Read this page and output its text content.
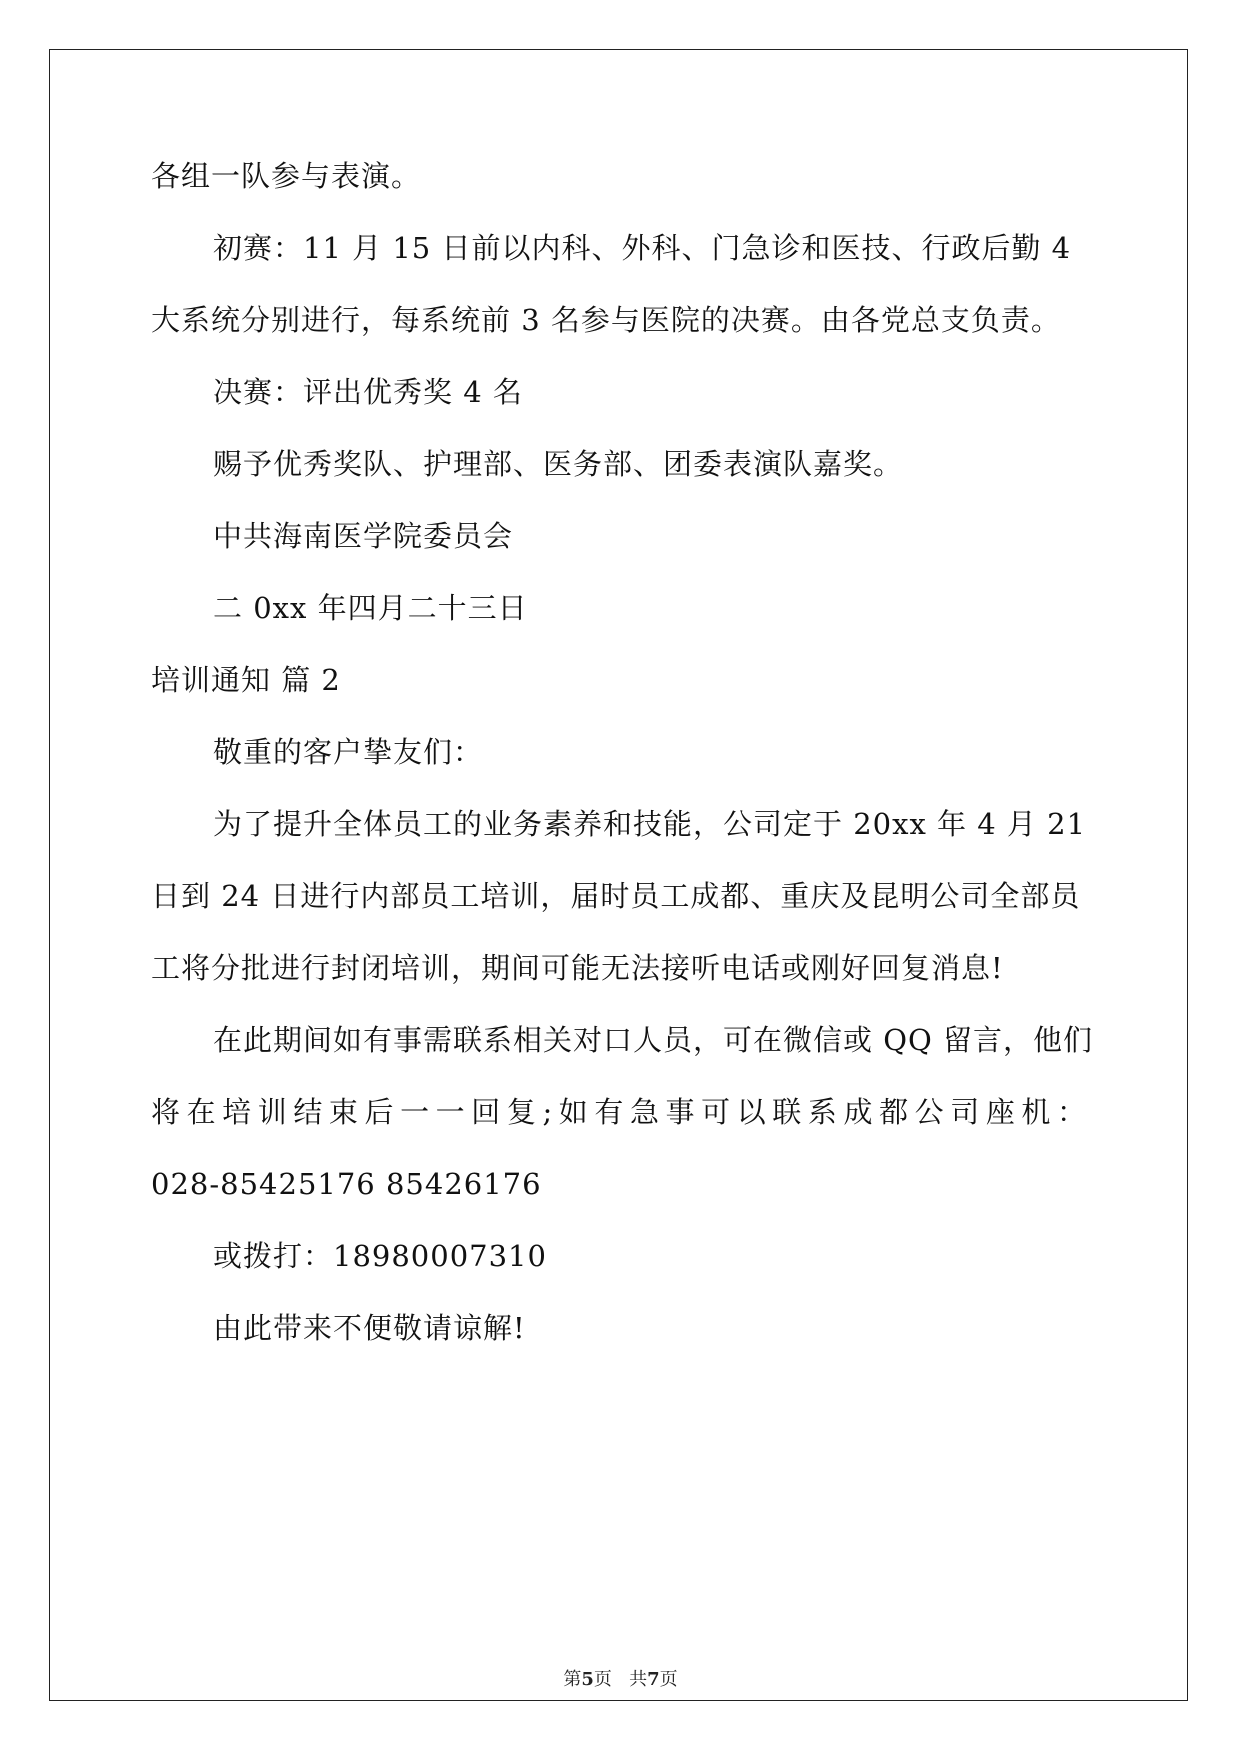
各组一队参与表演。
初赛：11 月 15 日前以内科、外科、门急诊和医技、行政后勤 4
大系统分别进行，每系统前 3 名参与医院的决赛。由各党总支负责。
决赛：评出优秀奖 4 名
赐予优秀奖队、护理部、医务部、团委表演队嘉奖。
中共海南医学院委员会
二 0xx 年四月二十三日
培训通知 篇 2
敬重的客户挚友们：
为了提升全体员工的业务素养和技能，公司定于 20xx 年 4 月 21
日到 24 日进行内部员工培训，届时员工成都、重庆及昆明公司全部员
工将分批进行封闭培训，期间可能无法接听电话或刚好回复消息!
在此期间如有事需联系相关对口人员，可在微信或 QQ 留言，他们
将在培训结束后一一回复;如有急事可以联系成都公司座机：
028-85425176 85426176
或拨打：18980007310
由此带来不便敬请谅解!
第5页   共7页
